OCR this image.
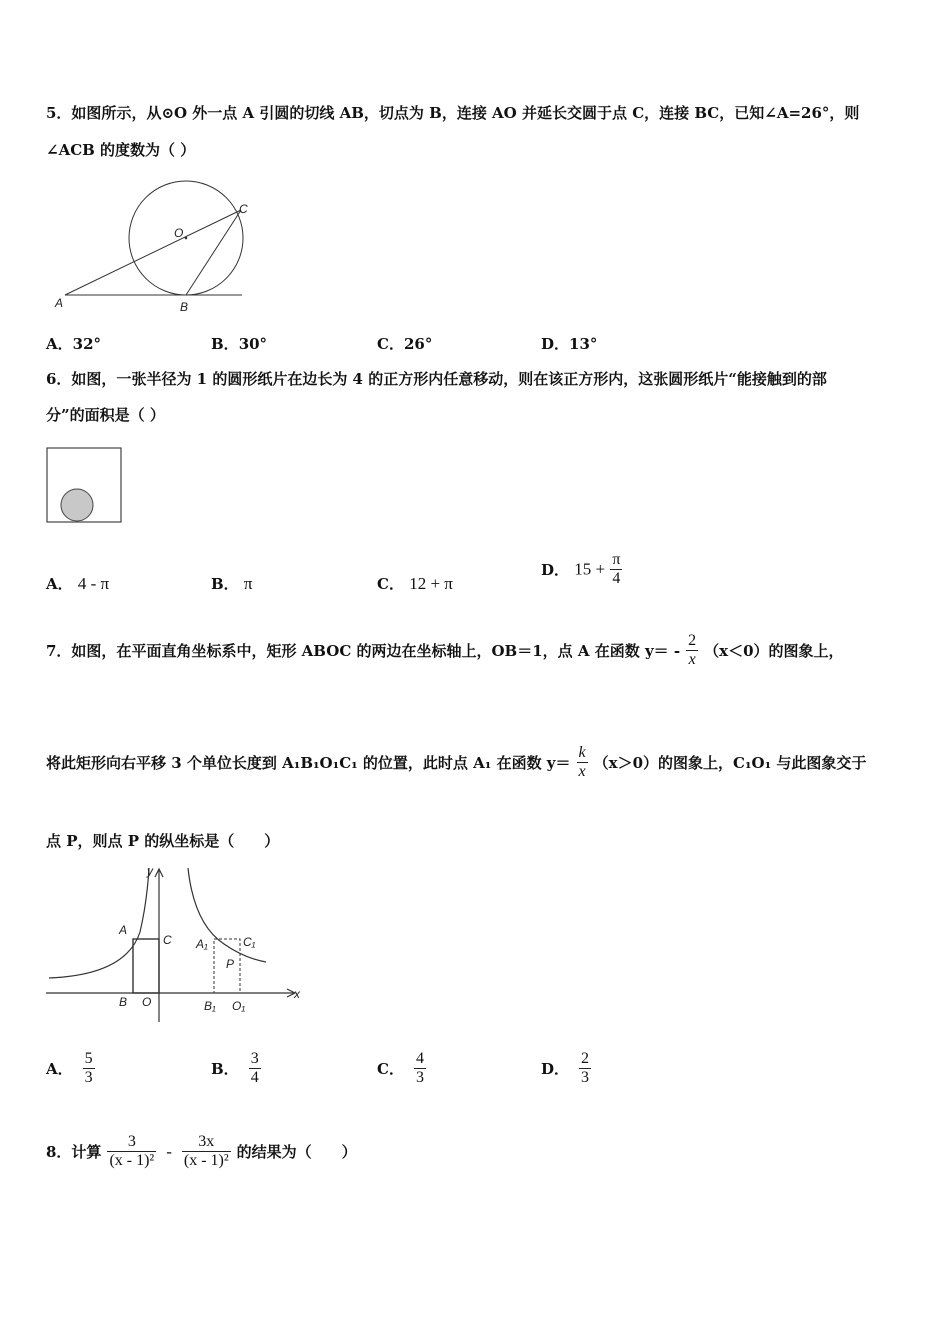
5．如图所示，从⊙O 外一点 A 引圆的切线 AB，切点为 B，连接 AO 并延长交圆于点 C，连接 BC，已知∠A=26°，则
∠ACB 的度数为（ ）
A	B
C
O
A．32°	B．30°	C．26°	D．13°
6．如图，一张半径为 1 的圆形纸片在边长为 4 的正方形内任意移动，则在该正方形内，这张圆形纸片“能接触到的部
分”的面积是（ ）
A． 4 - π	B． π	C． 12 + π
D． $15 + \frac{\pi}{4}$
7．如图，在平面直角坐标系中，矩形 ABOC 的两边在坐标轴上，OB＝1，点 A 在函数 $y= - \frac{2}{x} (x<0)$的图象上，
将此矩形向右平移 3 个单位长度到 A₁B₁O₁C₁ 的位置，此时点 A₁ 在函数 $y= \frac{k}{x} (x>0)$的图象上，C₁O₁ 与此图象交于
点 P，则点 P 的纵坐标是（　　）
y
x
A
C
B O
A₁	C₁
P
B₁ O₁
A． $\frac{5}{3}$	B． $\frac{3}{4}$	C． $\frac{4}{3}$	D． $\frac{2}{3}$
8．计算 $\frac{3}{\text{(x - 1)²}} - \frac{3x}{\text{(x - 1)²}}$ 的结果为（　　）
